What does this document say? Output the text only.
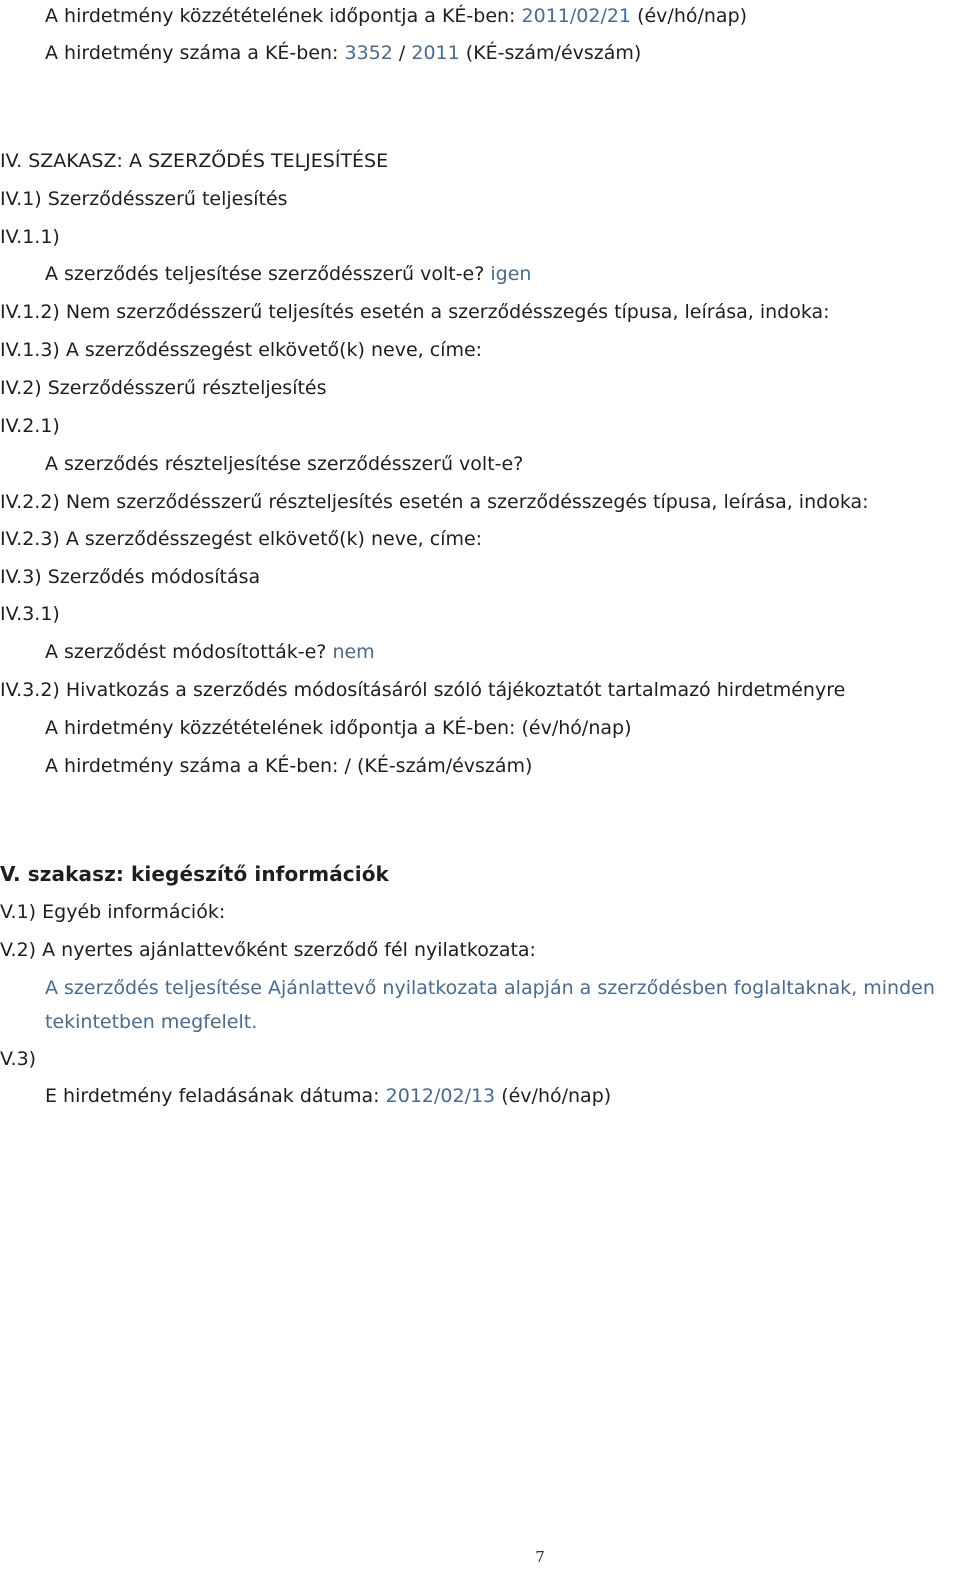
A hirdetmény közzétételének időpontja a KÉ-ben: 2011/02/21 (év/hó/nap)
A hirdetmény száma a KÉ-ben: 3352 / 2011 (KÉ-szám/évszám)
IV. SZAKASZ: A SZERZŐDÉS TELJESÍTÉSE
IV.1) Szerződésszerű teljesítés
IV.1.1)
A szerződés teljesítése szerződésszerű volt-e? igen
IV.1.2) Nem szerződésszerű teljesítés esetén a szerződésszegés típusa, leírása, indoka:
IV.1.3) A szerződésszegést elkövető(k) neve, címe:
IV.2) Szerződésszerű részteljesítés
IV.2.1)
A szerződés részteljesítése szerződésszerű volt-e?
IV.2.2) Nem szerződésszerű részteljesítés esetén a szerződésszegés típusa, leírása, indoka:
IV.2.3) A szerződésszegést elkövető(k) neve, címe:
IV.3) Szerződés módosítása
IV.3.1)
A szerződést módosították-e? nem
IV.3.2) Hivatkozás a szerződés módosításáról szóló tájékoztatót tartalmazó hirdetményre
A hirdetmény közzétételének időpontja a KÉ-ben: (év/hó/nap)
A hirdetmény száma a KÉ-ben: / (KÉ-szám/évszám)
V. szakasz: kiegészítő információk
V.1) Egyéb információk:
V.2) A nyertes ajánlattevőként szerződő fél nyilatkozata:
A szerződés teljesítése Ajánlattevő nyilatkozata alapján a szerződésben foglaltaknak, minden
tekintetben megfelelt.
V.3)
E hirdetmény feladásának dátuma: 2012/02/13 (év/hó/nap)
7
